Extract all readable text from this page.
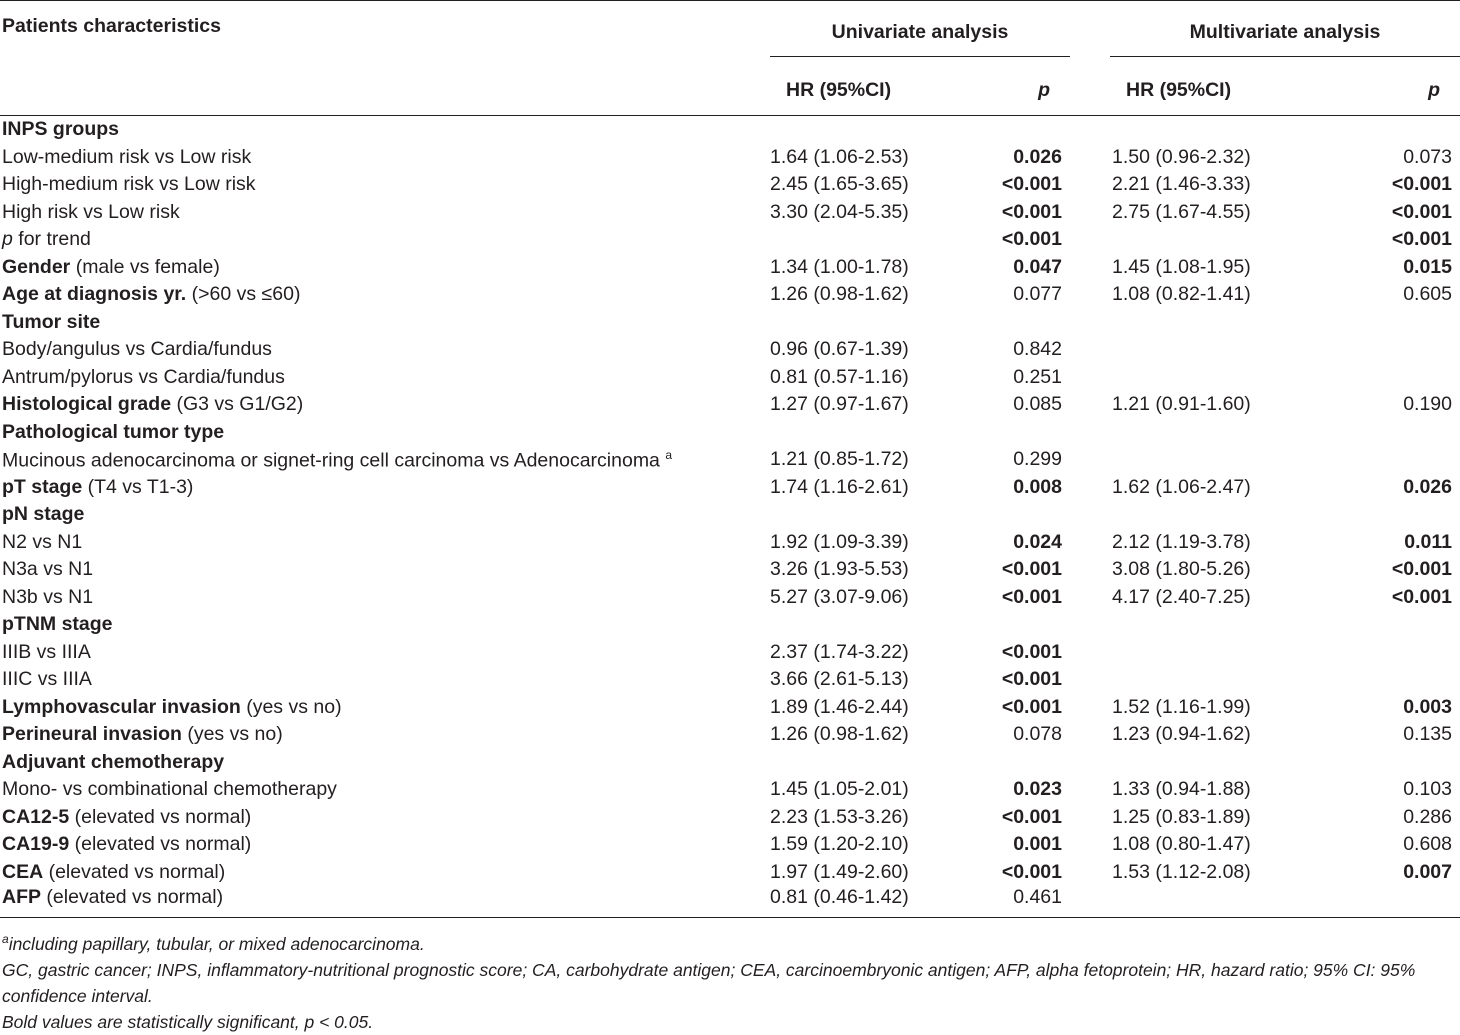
Patients characteristics	Univariate analysis			Multivariate analysis	

	HR (95%CI)	p		HR (95%CI)	p
INPS groups					
Low-medium risk vs Low risk	1.64 (1.06-2.53)	0.026		1.50 (0.96-2.32)	0.073
High-medium risk vs Low risk	2.45 (1.65-3.65)	<0.001		2.21 (1.46-3.33)	<0.001
High risk vs Low risk	3.30 (2.04-5.35)	<0.001		2.75 (1.67-4.55)	<0.001
p for trend		<0.001			<0.001
Gender (male vs female)	1.34 (1.00-1.78)	0.047		1.45 (1.08-1.95)	0.015
Age at diagnosis yr. (>60 vs ≤60)	1.26 (0.98-1.62)	0.077		1.08 (0.82-1.41)	0.605
Tumor site					
Body/angulus vs Cardia/fundus	0.96 (0.67-1.39)	0.842			
Antrum/pylorus vs Cardia/fundus	0.81 (0.57-1.16)	0.251			
Histological grade (G3 vs G1/G2)	1.27 (0.97-1.67)	0.085		1.21 (0.91-1.60)	0.190
Pathological tumor type					
Mucinous adenocarcinoma or signet-ring cell carcinoma vs Adenocarcinoma $^a$	1.21 (0.85-1.72)	0.299			
pT stage (T4 vs T1-3)	1.74 (1.16-2.61)	0.008		1.62 (1.06-2.47)	0.026
pN stage					
N2 vs N1	1.92 (1.09-3.39)	0.024		2.12 (1.19-3.78)	0.011
N3a vs N1	3.26 (1.93-5.53)	<0.001		3.08 (1.80-5.26)	<0.001
N3b vs N1	5.27 (3.07-9.06)	<0.001		4.17 (2.40-7.25)	<0.001
pTNM stage					
IIIB vs IIIA	2.37 (1.74-3.22)	<0.001			
IIIC vs IIIA	3.66 (2.61-5.13)	<0.001			
Lymphovascular invasion (yes vs no)	1.89 (1.46-2.44)	<0.001		1.52 (1.16-1.99)	0.003
Perineural invasion (yes vs no)	1.26 (0.98-1.62)	0.078		1.23 (0.94-1.62)	0.135
Adjuvant chemotherapy					
Mono- vs combinational chemotherapy	1.45 (1.05-2.01)	0.023		1.33 (0.94-1.88)	0.103
CA12-5 (elevated vs normal)	2.23 (1.53-3.26)	<0.001		1.25 (0.83-1.89)	0.286
CA19-9 (elevated vs normal)	1.59 (1.20-2.10)	0.001		1.08 (0.80-1.47)	0.608
CEA (elevated vs normal)	1.97 (1.49-2.60)	<0.001		1.53 (1.12-2.08)	0.007
AFP (elevated vs normal)	0.81 (0.46-1.42)	0.461			

$^a$including papillary, tubular, or mixed adenocarcinoma.

GC, gastric cancer; INPS, inflammatory-nutritional prognostic score; CA, carbohydrate antigen; CEA, carcinoembryonic antigen; AFP, alpha fetoprotein; HR, hazard ratio; 95% CI: 95% confidence interval.

Bold values are statistically significant, p < 0.05.
